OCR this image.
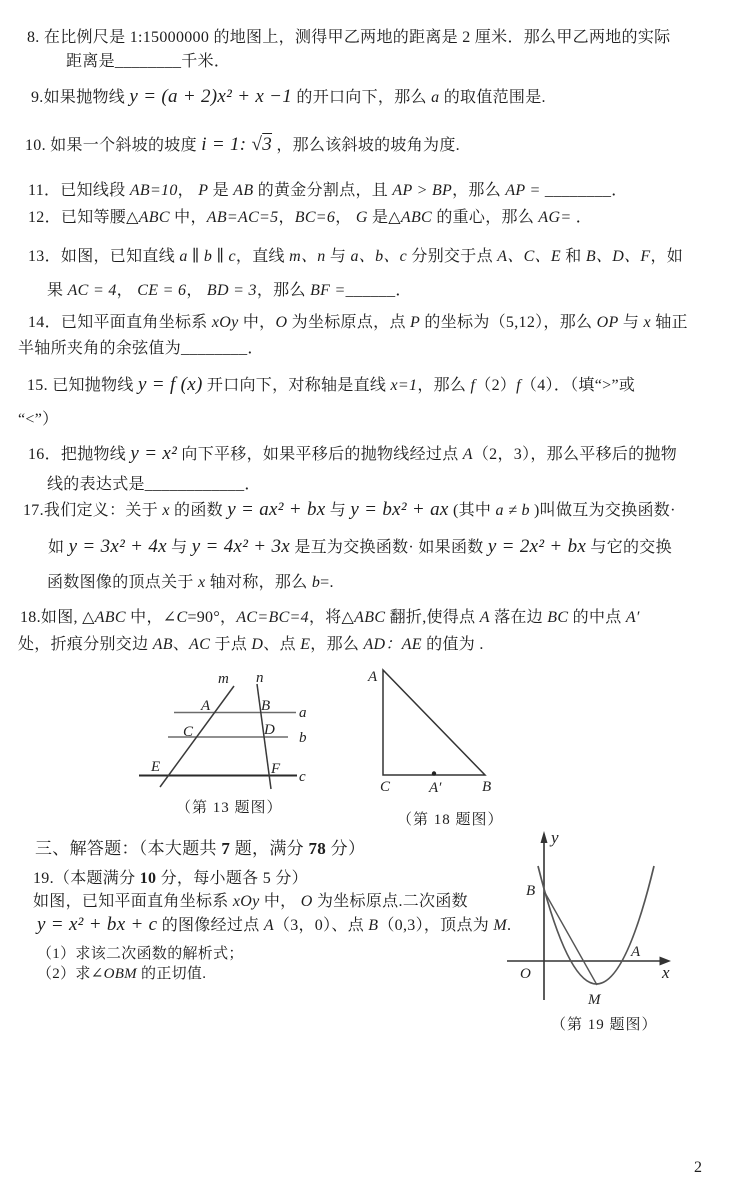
8. 在比例尺是 1:15000000 的地图上，测得甲乙两地的距离是 2 厘米．那么甲乙两地的实际
距离是________千米．
9.如果抛物线 y = (a + 2)x² + x −1 的开口向下，那么 a 的取值范围是.
10. 如果一个斜坡的坡度 i = 1: √3 ，那么该斜坡的坡角为度.
11．已知线段 AB=10， P 是 AB 的黄金分割点，且 AP > BP，那么 AP = ________．
12．已知等腰△ABC 中，AB=AC=5，BC=6， G 是△ABC 的重心，那么 AG= ．
13．如图，已知直线 a ∥ b ∥ c，直线 m、n 与 a、b、c 分别交于点 A、C、E 和 B、D、F，如
果 AC = 4， CE = 6， BD = 3，那么 BF =______．
14．已知平面直角坐标系 xOy 中，O 为坐标原点，点 P 的坐标为（5,12），那么 OP 与 x 轴正
半轴所夹角的余弦值为________．
15. 已知抛物线 y = f (x) 开口向下，对称轴是直线 x=1，那么 f（2）f（4）．（填“>”或
“<”）
16．把抛物线 y = x² 向下平移，如果平移后的抛物线经过点 A（2，3），那么平移后的抛物
线的表达式是____________．
17.我们定义：关于 x 的函数 y = ax² + bx 与 y = bx² + ax (其中 a ≠ b )叫做互为交换函数·
如 y = 3x² + 4x 与 y = 4x² + 3x 是互为交换函数· 如果函数 y = 2x² + bx 与它的交换
函数图像的顶点关于 x 轴对称，那么 b=.
18.如图, △ABC 中，∠C=90°，AC=BC=4，将△ABC 翻折,使得点 A 落在边 BC 的中点 A′
处，折痕分别交边 AB、AC 于点 D、点 E，那么 AD：AE 的值为 .
m n
A	B a
C	D b
E	F c
（第 13 题图）
A
C	A′	B
（第 18 题图）
三、解答题：（本大题共 7 题，满分 78 分）
19.（本题满分 10 分，每小题各 5 分）
如图，已知平面直角坐标系 xOy 中， O 为坐标原点.二次函数
y = x² + bx + c 的图像经过点 A（3，0）、点 B（0,3），顶点为 M.
（1）求该二次函数的解析式；
（2）求∠OBM 的正切值.
y
x
O
B
A
M
（第 19 题图）
2
